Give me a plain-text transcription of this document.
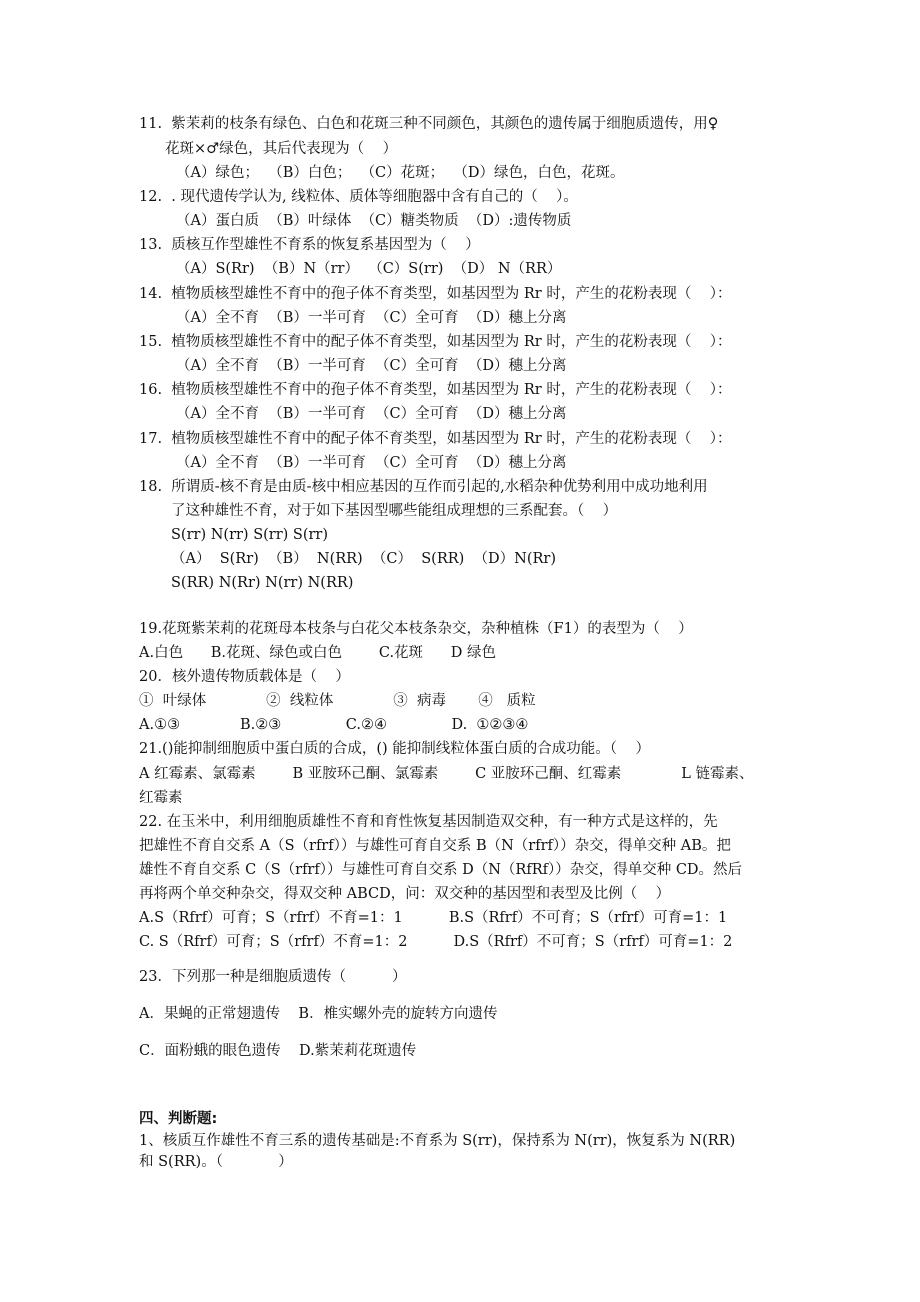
11.  紫茉莉的枝条有绿色、白色和花斑三种不同颜色，其颜色的遗传属于细胞质遗传，用♀
花斑×♂绿色，其后代表现为（    ）
（A）绿色；  （B）白色；  （C）花斑；  （D）绿色，白色，花斑。
12.  . 现代遗传学认为, 线粒体、质体等细胞器中含有自己的（    ）。
（A）蛋白质  （B）叶绿体  （C）糖类物质  （D）:遗传物质
13.  质核互作型雄性不育系的恢复系基因型为（    ）
（A）S(Rr)  （B）N（rr）  （C）S(rr)  （D） N（RR）
14.  植物质核型雄性不育中的孢子体不育类型，如基因型为 Rr 时，产生的花粉表现（    ）：
（A）全不育  （B）一半可育  （C）全可育  （D）穗上分离
15.  植物质核型雄性不育中的配子体不育类型，如基因型为 Rr 时，产生的花粉表现（    ）：
（A）全不育  （B）一半可育  （C）全可育  （D）穗上分离
16.  植物质核型雄性不育中的孢子体不育类型，如基因型为 Rr 时，产生的花粉表现（    ）：
（A）全不育  （B）一半可育  （C）全可育  （D）穗上分离
17.  植物质核型雄性不育中的配子体不育类型，如基因型为 Rr 时，产生的花粉表现（    ）：
（A）全不育  （B）一半可育  （C）全可育  （D）穗上分离
18.  所谓质-核不育是由质-核中相应基因的互作而引起的,水稻杂种优势利用中成功地利用
了这种雄性不育，对于如下基因型哪些能组成理想的三系配套。（    ）
S(rr) N(rr) S(rr) S(rr)
（A）  S(Rr)  （B）  N(RR)  （C）  S(RR)  （D）N(Rr)
S(RR) N(Rr) N(rr) N(RR)
19.花斑紫茉莉的花斑母本枝条与白花父本枝条杂交，杂种植株（F1）的表型为（    ）
A.白色      B.花斑、绿色或白色        C.花斑      D 绿色
20．核外遗传物质载体是（    ）
①  叶绿体             ②  线粒体             ③  病毒       ④   质粒
A.①③             B.②③              C.②④              D.  ①②③④
21.()能抑制细胞质中蛋白质的合成，() 能抑制线粒体蛋白质的合成功能。（    ）
A 红霉素、氯霉素        B 亚胺环己酮、氯霉素        C 亚胺环己酮、红霉素             L 链霉素、
红霉素
22. 在玉米中，利用细胞质雄性不育和育性恢复基因制造双交种，有一种方式是这样的，先
把雄性不育自交系 A（S（rfrf））与雄性可育自交系 B（N（rfrf））杂交，得单交种 AB。把
雄性不育自交系 C（S（rfrf））与雄性可育自交系 D（N（RfRf））杂交，得单交种 CD。然后
再将两个单交种杂交，得双交种 ABCD，问：双交种的基因型和表型及比例（    ）
A.S（Rfrf）可育；S（rfrf）不育=1：1          B.S（Rfrf）不可育；S（rfrf）可育=1：1
C. S（Rfrf）可育；S（rfrf）不育=1：2          D.S（Rfrf）不可育；S（rfrf）可育=1：2
23．下列那一种是细胞质遗传（          ）
A．果蝇的正常翅遗传    B．椎实螺外壳的旋转方向遗传
C．面粉蛾的眼色遗传    D.紫茉莉花斑遗传
四、判断题:
1、核质互作雄性不育三系的遗传基础是:不育系为 S(rr)，保持系为 N(rr)，恢复系为 N(RR)
和 S(RR)。（            ）
